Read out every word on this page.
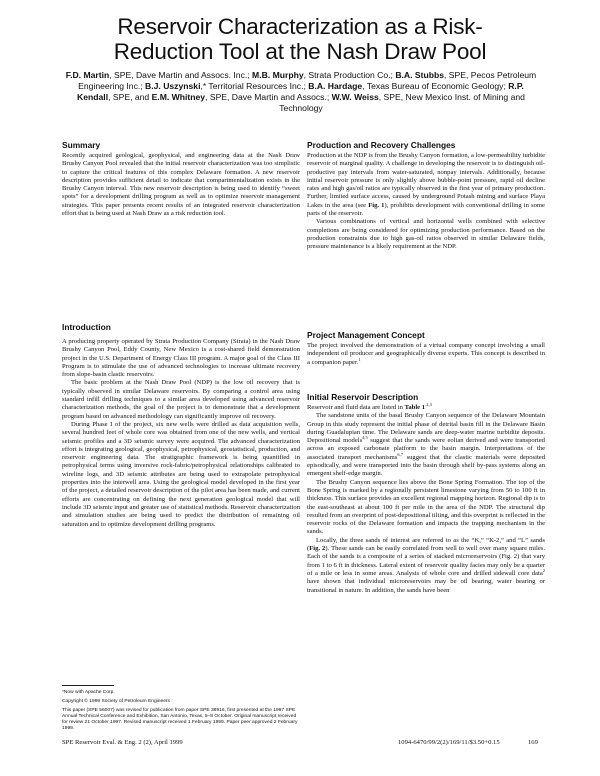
Reservoir Characterization as a Risk-
Reduction Tool at the Nash Draw Pool
F.D. Martin, SPE, Dave Martin and Assocs. Inc.; M.B. Murphy, Strata Production Co.; B.A. Stubbs, SPE, Pecos Petroleum Engineering Inc.; B.J. Uszynski,* Territorial Resources Inc.; B.A. Hardage, Texas Bureau of Economic Geology; R.P. Kendall, SPE, and E.M. Whitney, SPE, Dave Martin and Assocs.; W.W. Weiss, SPE, New Mexico Inst. of Mining and Technology
Summary

Recently acquired geological, geophysical, and engineering data at the Nash Draw Brushy Canyon Pool revealed that the initial reservoir characterization was too simplistic to capture the critical features of this complex Delaware formation. A new reservoir description provides sufficient detail to indicate that compartmentalization exists in the Brushy Canyon interval. This new reservoir description is being used to identify “sweet spots” for a development drilling program as well as to optimize reservoir management strategies. This paper presents recent results of an integrated reservoir characterization effort that is being used at Nash Draw as a risk reduction tool.

Introduction

A producing property operated by Strata Production Company (Strata) in the Nash Draw Brushy Canyon Pool, Eddy County, New Mexico is a cost-shared field demonstration project in the U.S. Department of Energy Class III program. A major goal of the Class III Program is to stimulate the use of advanced technologies to increase ultimate recovery from slope-basin clastic reservoirs.

The basic problem at the Nash Draw Pool (NDP) is the low oil recovery that is typically observed in similar Delaware reservoirs. By comparing a control area using standard infill drilling techniques to a similar area developed using advanced reservoir characterization methods, the goal of the project is to demonstrate that a development program based on advanced methodology can significantly improve oil recovery.

During Phase I of the project, six new wells were drilled as data acquisition wells, several hundred feet of whole core was obtained from one of the new wells, and vertical seismic profiles and a 3D seismic survey were acquired. The advanced characterization effort is integrating geological, geophysical, petrophysical, geostatistical, production, and reservoir engineering data. The stratigraphic framework is being quantified in petrophysical terms using inversive rock-fabric/petrophysical relationships calibrated to wireline logs, and 3D seismic attributes are being used to extrapolate petrophysical properties into the interwell area. Using the geological model developed in the first year of the project, a detailed reservoir description of the pilot area has been made, and current efforts are concentrating on defining the next generation geological model that will include 3D seismic input and greater use of statistical methods. Reservoir characterization and simulation studies are being used to predict the distribution of remaining oil saturation and to optimize development drilling programs.

*Now with Apache Corp.

Copyright © 1999 Society of Petroleum Engineers

This paper (SPE 56007) was revised for publication from paper SPE 38916, first presented at the 1997 SPE Annual Technical Conference and Exhibition, San Antonio, Texas, 5–8 October. Original manuscript received for review 21 October 1997. Revised manuscript received 1 February 1999. Paper peer approved 2 February 1999.

Production and Recovery Challenges

Production at the NDP is from the Brushy Canyon formation, a low-permeability turbidite reservoir of marginal quality. A challenge in developing the reservoir is to distinguish oil-productive pay intervals from water-saturated, nonpay intervals. Additionally, because initial reservoir pressure is only slightly above bubble-point pressure, rapid oil decline rates and high gas/oil ratios are typically observed in the first year of primary production. Further, limited surface access, caused by underground Potash mining and surface Playa Lakes in the area (see Fig. 1), prohibits development with conventional drilling in some parts of the reservoir.

Various combinations of vertical and horizontal wells combined with selective completions are being considered for optimizing production performance. Based on the production constraints due to high gas-oil ratios observed in similar Delaware fields, pressure maintenance is a likely requirement at the NDP.

Project Management Concept

The project involved the demonstration of a virtual company concept involving a small independent oil producer and geographically diverse experts. This concept is described in a companion paper.$^1$

Initial Reservoir Description

Reservoir and fluid data are listed in Table $1^{.2,3}$

The sandstone units of the basal Brushy Canyon sequence of the Delaware Mountain Group in this study represent the initial phase of detrital basin fill in the Delaware Basin during Guadalupian time. The Delaware sands are deep-water marine turbidite deposits. Depositional models$^{4,5}$ suggest that the sands were eolian derived and were transported across an exposed carbonate platform to the basin margin. Interpretations of the associated transport mechanisms$^{6,7}$ suggest that the clastic materials were deposited episodically, and were transported into the basin through shelf by-pass systems along an emergent shelf-edge margin.

The Brushy Canyon sequence lies above the Bone Spring Formation. The top of the Bone Spring is marked by a regionally persistent limestone varying from 50 to 100 ft in thickness. This surface provides an excellent regional mapping horizon. Regional dip is to the east-southeast at about 100 ft per mile in the area of the NDP. The structural dip resulted from an overprint of post-depositional tilting, and this overprint is reflected in the reservoir rocks of the Delaware formation and impacts the trapping mechanism in the sands.

Locally, the three sands of interest are referred to as the “K,” “K-2,” and “L” sands (Fig. 2). These sands can be easily correlated from well to well over many square miles. Each of the sands is a composite of a series of stacked microreservoirs (Fig. 2) that vary from 1 to 6 ft in thickness. Lateral extent of reservoir quality facies may only be a quarter of a mile or less in some areas. Analysis of whole core and drilled sidewall core data$^2$ have shown that individual microreservoirs may be oil bearing, water bearing or transitional in nature. In addition, the sands have been

SPE Reservoir Eval. & Eng. 2 (2), April 1999	1094-6470/99/2(2)/169/11/$3.50+0.15	169
